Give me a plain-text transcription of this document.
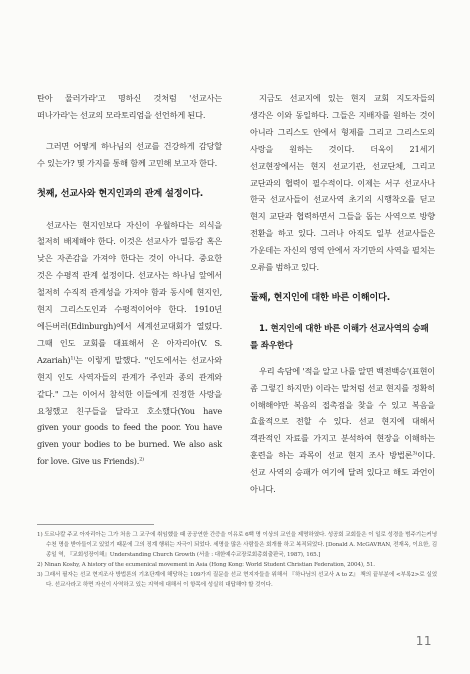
탄아 물러가라'고 명하신 것처럼 '선교사는 떠나가라'는 선교의 모라토리엄을 선언하게 된다.

그러면 어떻게 하나님의 선교를 건강하게 감당할 수 있는가? 몇 가지를 통해 함께 고민해 보고자 한다.

첫째, 선교사와 현지인과의 관계 설정이다.

선교사는 현지인보다 자신이 우월하다는 의식을 철저히 배제해야 한다. 이것은 선교사가 열등감 혹은 낮은 자존감을 가져야 한다는 것이 아니다. 중요한 것은 수평적 관계 설정이다. 선교사는 하나님 앞에서 철저히 수직적 관계성을 가져야 함과 동시에 현지인, 현지 그리스도인과 수평적이어야 한다. 1910년 에든버러(Edinburgh)에서 세계선교대회가 열렸다. 그때 인도 교회를 대표해서 온 아자리아(V. S. Azariah)$^{1)}$는 이렇게 말했다. "인도에서는 선교사와 현지 인도 사역자들의 관계가 주인과 종의 관계와 같다." 그는 이어서 참석한 이들에게 진정한 사랑을 요청했고 친구들을 달라고 호소했다(You have given your goods to feed the poor. You have given your bodies to be burned. We also ask for love. Give us Friends).$^{2)}$

지금도 선교지에 있는 현지 교회 지도자들의 생각은 이와 동일하다. 그들은 지배자를 원하는 것이 아니라 그리스도 안에서 형제를 그리고 그리스도의 사랑을 원하는 것이다. 더욱이 21세기 선교현장에서는 현지 선교기관, 선교단체, 그리고 교단과의 협력이 필수적이다. 이제는 서구 선교사나 한국 선교사들이 선교사역 초기의 시행착오를 딛고 현지 교단과 협력하면서 그들을 돕는 사역으로 방향 전환을 하고 있다. 그러나 아직도 일부 선교사들은 가운데는 자신의 영역 안에서 자기만의 사역을 펼치는 오류를 범하고 있다.

둘째, 현지인에 대한 바른 이해이다.

1. 현지인에 대한 바른 이해가 선교사역의 승패를 좌우한다

우리 속담에 '적을 알고 나를 알면 백전백승'(표현이 좀 그렇긴 하지만) 이라는 말처럼 선교 현지를 정확히 이해해야만 복음의 접촉점을 찾을 수 있고 복음을 효율적으로 전할 수 있다. 선교 현지에 대해서 객관적인 자료를 가지고 분석하여 현장을 이해하는 훈련을 하는 과목이 선교 현지 조사 방법론$^{3)}$이다. 선교 사역의 승패가 여기에 달려 있다고 해도 과언이 아니다.

1) 도르나칼 주교 아자리아는 그가 처음 그 교구에 취임했을 때 공공연한 간증을 이유로 6백 명 이상의 교인을 제명하였다. 성공회 교회들은 이 일로 성경을 범주기는커녕 수천 명을 받아들이고 있었기 때문에 그의 징계 행위는 자극이 되었다. 세명을 많은 사람들은 회개를 하고 복직되었다. [Donald A. McGAVRAN, 전재옥, 이요한, 김종일 역, 『교회성장이해』Understanding Church Growth (서울 : 대한예수교장로회총회출판국, 1987), 165.]

2) Ninan Koshy, A history of the ecumenical movement in Asia (Hong Kong: World Student Christian Federation, 2004), 51.

3) 그래서 필자는 선교 현지조사 방법론의 기초단계에 해당하는 109가지 질문을 선교 현지자들을 위해서 『하나님의 선교사 A to Z』 책의 끝부분에 <부록2>로 실었다. 선교사라고 하면 자신이 사역하고 있는 지역에 대해서 이 항목에 성실히 대답해야 할 것이다.

11
